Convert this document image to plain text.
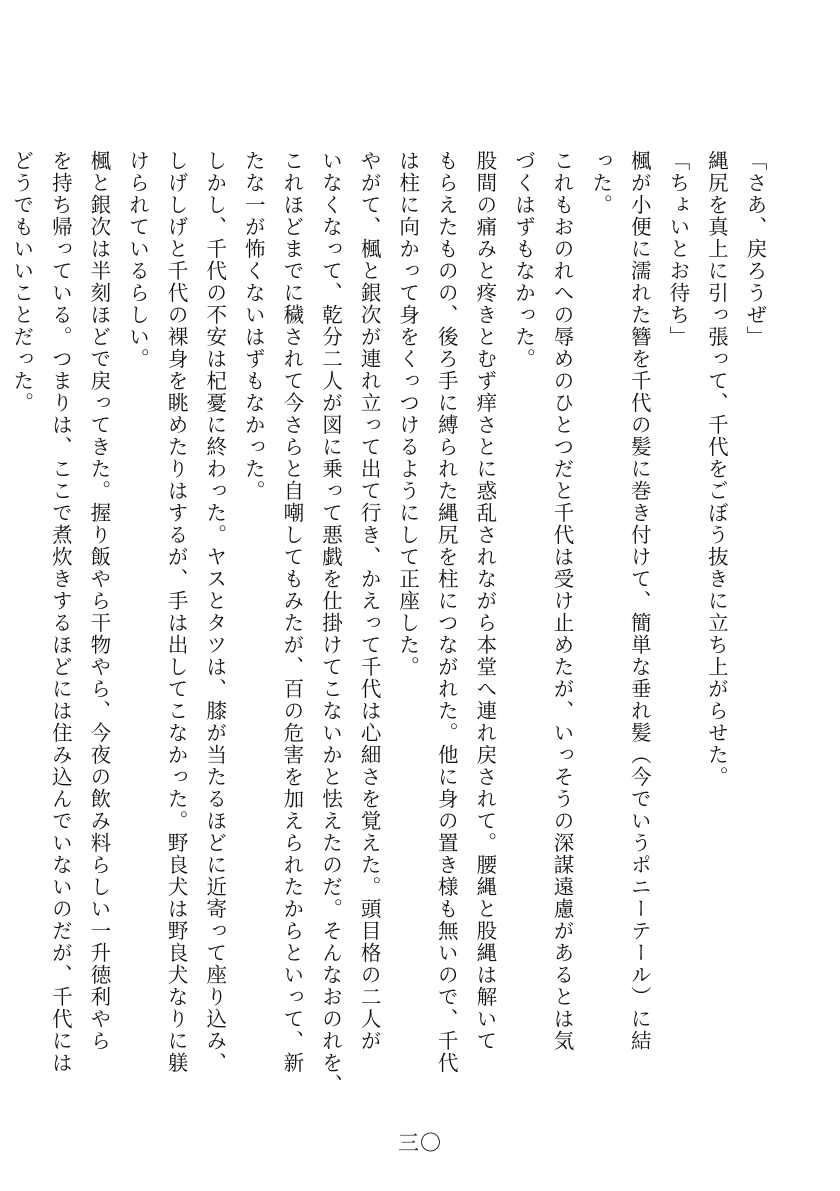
「さあ、戻ろうぜ」

縄尻を真上に引っ張って、千代をごぼう抜きに立ち上がらせた。

「ちょいとお待ち」

楓が小便に濡れた簪を千代の髪に巻き付けて、簡単な垂れ髪（今でいうポニーテール）に結

った。

これもおのれへの辱めのひとつだと千代は受け止めたが、いっそうの深謀遠慮があるとは気

づくはずもなかった。

股間の痛みと疼きとむず痒さとに惑乱されながら本堂へ連れ戻されて。腰縄と股縄は解いて

もらえたものの、後ろ手に縛られた縄尻を柱につながれた。他に身の置き様も無いので、千代

は柱に向かって身をくっつけるようにして正座した。

やがて、楓と銀次が連れ立って出て行き、かえって千代は心細さを覚えた。頭目格の二人が

いなくなって、乾分二人が図に乗って悪戯を仕掛けてこないかと怯えたのだ。そんなおのれを、

これほどまでに穢されて今さらと自嘲してもみたが、百の危害を加えられたからといって、新

たな一が怖くないはずもなかった。

しかし、千代の不安は杞憂に終わった。ヤスとタツは、膝が当たるほどに近寄って座り込み、

しげしげと千代の裸身を眺めたりはするが、手は出してこなかった。野良犬は野良犬なりに躾

けられているらしい。

楓と銀次は半刻ほどで戻ってきた。握り飯やら干物やら、今夜の飲み料らしい一升徳利やら

を持ち帰っている。つまりは、ここで煮炊きするほどには住み込んでいないのだが、千代には

どうでもいいことだった。

三〇
